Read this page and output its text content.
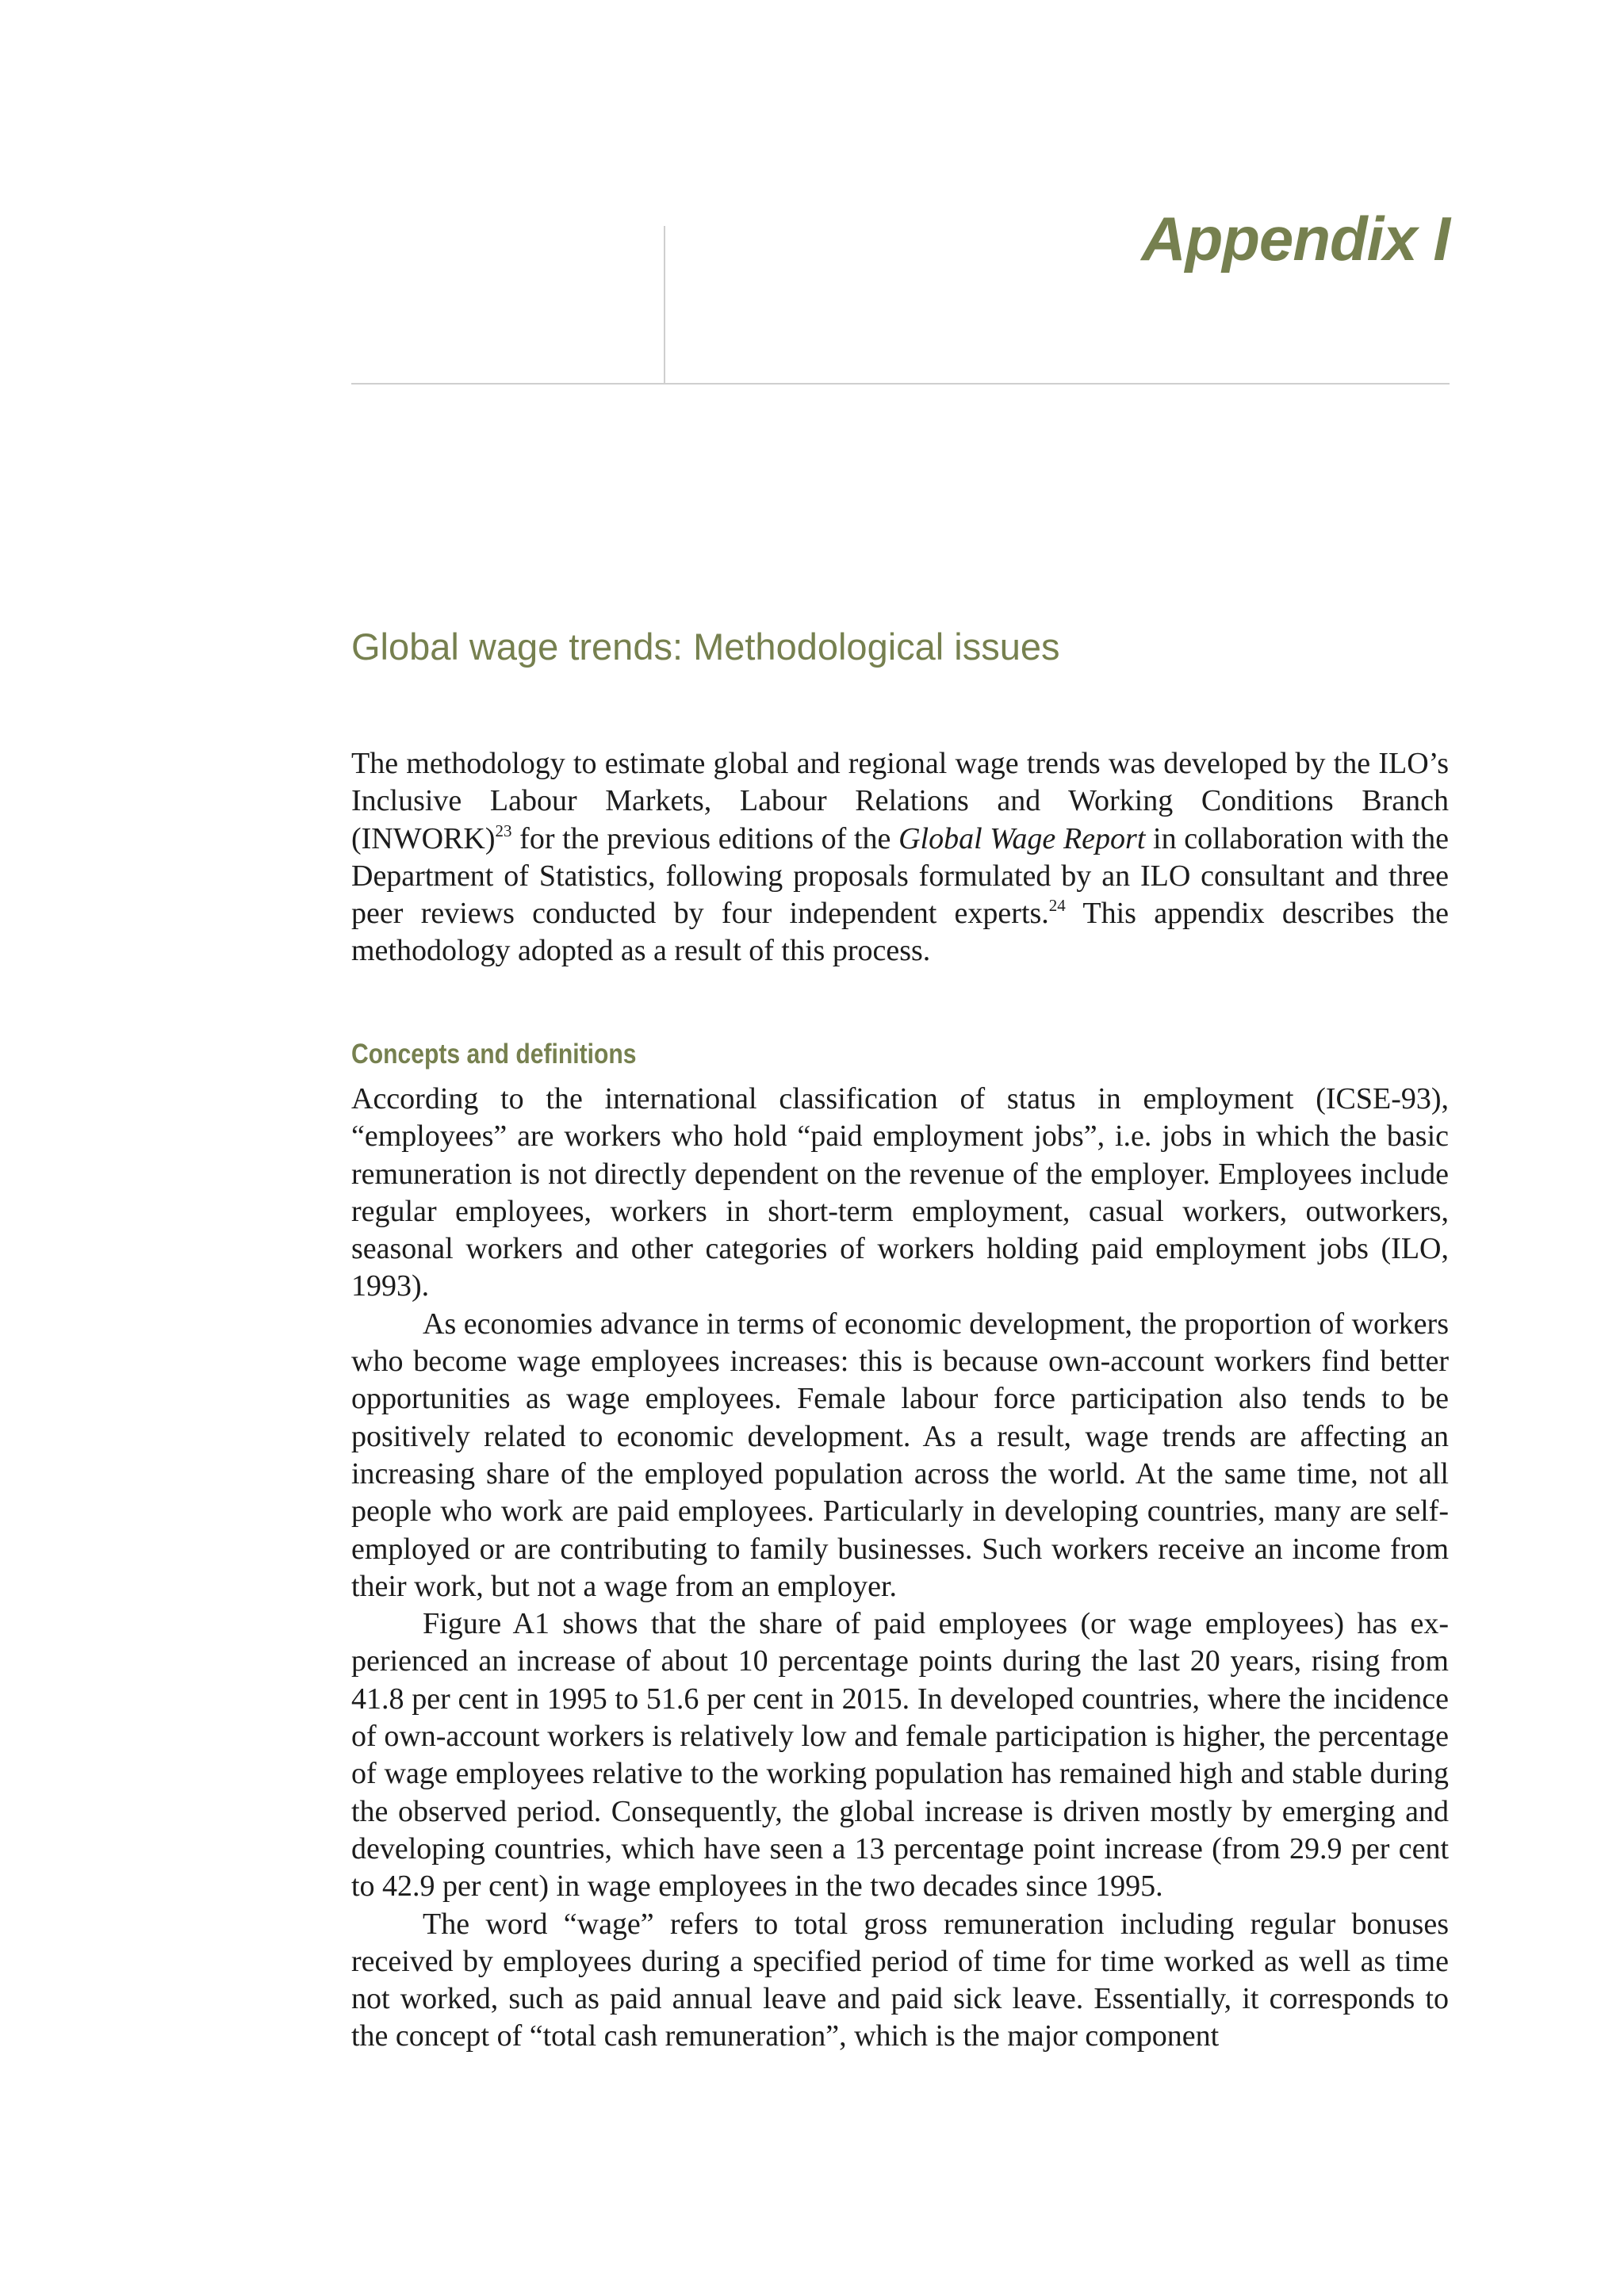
Appendix I
Global wage trends: Methodological issues

The methodology to estimate global and regional wage trends was developed by the ILO’s Inclusive Labour Markets, Labour Relations and Working Conditions Branch (INWORK)$^{23}$ for the previous editions of the Global Wage Report in collaboration with the Department of Statistics, following proposals formulated by an ILO consultant and three peer reviews conducted by four independent experts.$^{24}$ This appendix describes the methodology adopted as a result of this process.

Concepts and definitions

According to the international classification of status in employment (ICSE-93), “employees” are workers who hold “paid employment jobs”, i.e. jobs in which the basic remuneration is not directly dependent on the revenue of the employer. Employees include regular employees, workers in short-term employment, casual workers, outworkers, seasonal workers and other categories of workers holding paid employment jobs (ILO, 1993).

As economies advance in terms of economic development, the proportion of workers who become wage employees increases: this is because own-account workers find better opportunities as wage employees. Female labour force participation also tends to be positively related to economic development. As a result, wage trends are affecting an increasing share of the employed population across the world. At the same time, not all people who work are paid employees. Particularly in developing countries, many are self-employed or are contributing to family businesses. Such workers receive an income from their work, but not a wage from an employer.

Figure A1 shows that the share of paid employees (or wage employees) has experienced an increase of about 10 percentage points during the last 20 years, rising from 41.8 per cent in 1995 to 51.6 per cent in 2015. In developed countries, where the incidence of own-account workers is relatively low and female participation is higher, the percentage of wage employees relative to the working population has remained high and stable during the observed period. Consequently, the global increase is driven mostly by emerging and developing countries, which have seen a 13 percentage point increase (from 29.9 per cent to 42.9 per cent) in wage employees in the two decades since 1995.

The word “wage” refers to total gross remuneration including regular bonuses received by employees during a specified period of time for time worked as well as time not worked, such as paid annual leave and paid sick leave. Essentially, it corresponds to the concept of “total cash remuneration”, which is the major component
